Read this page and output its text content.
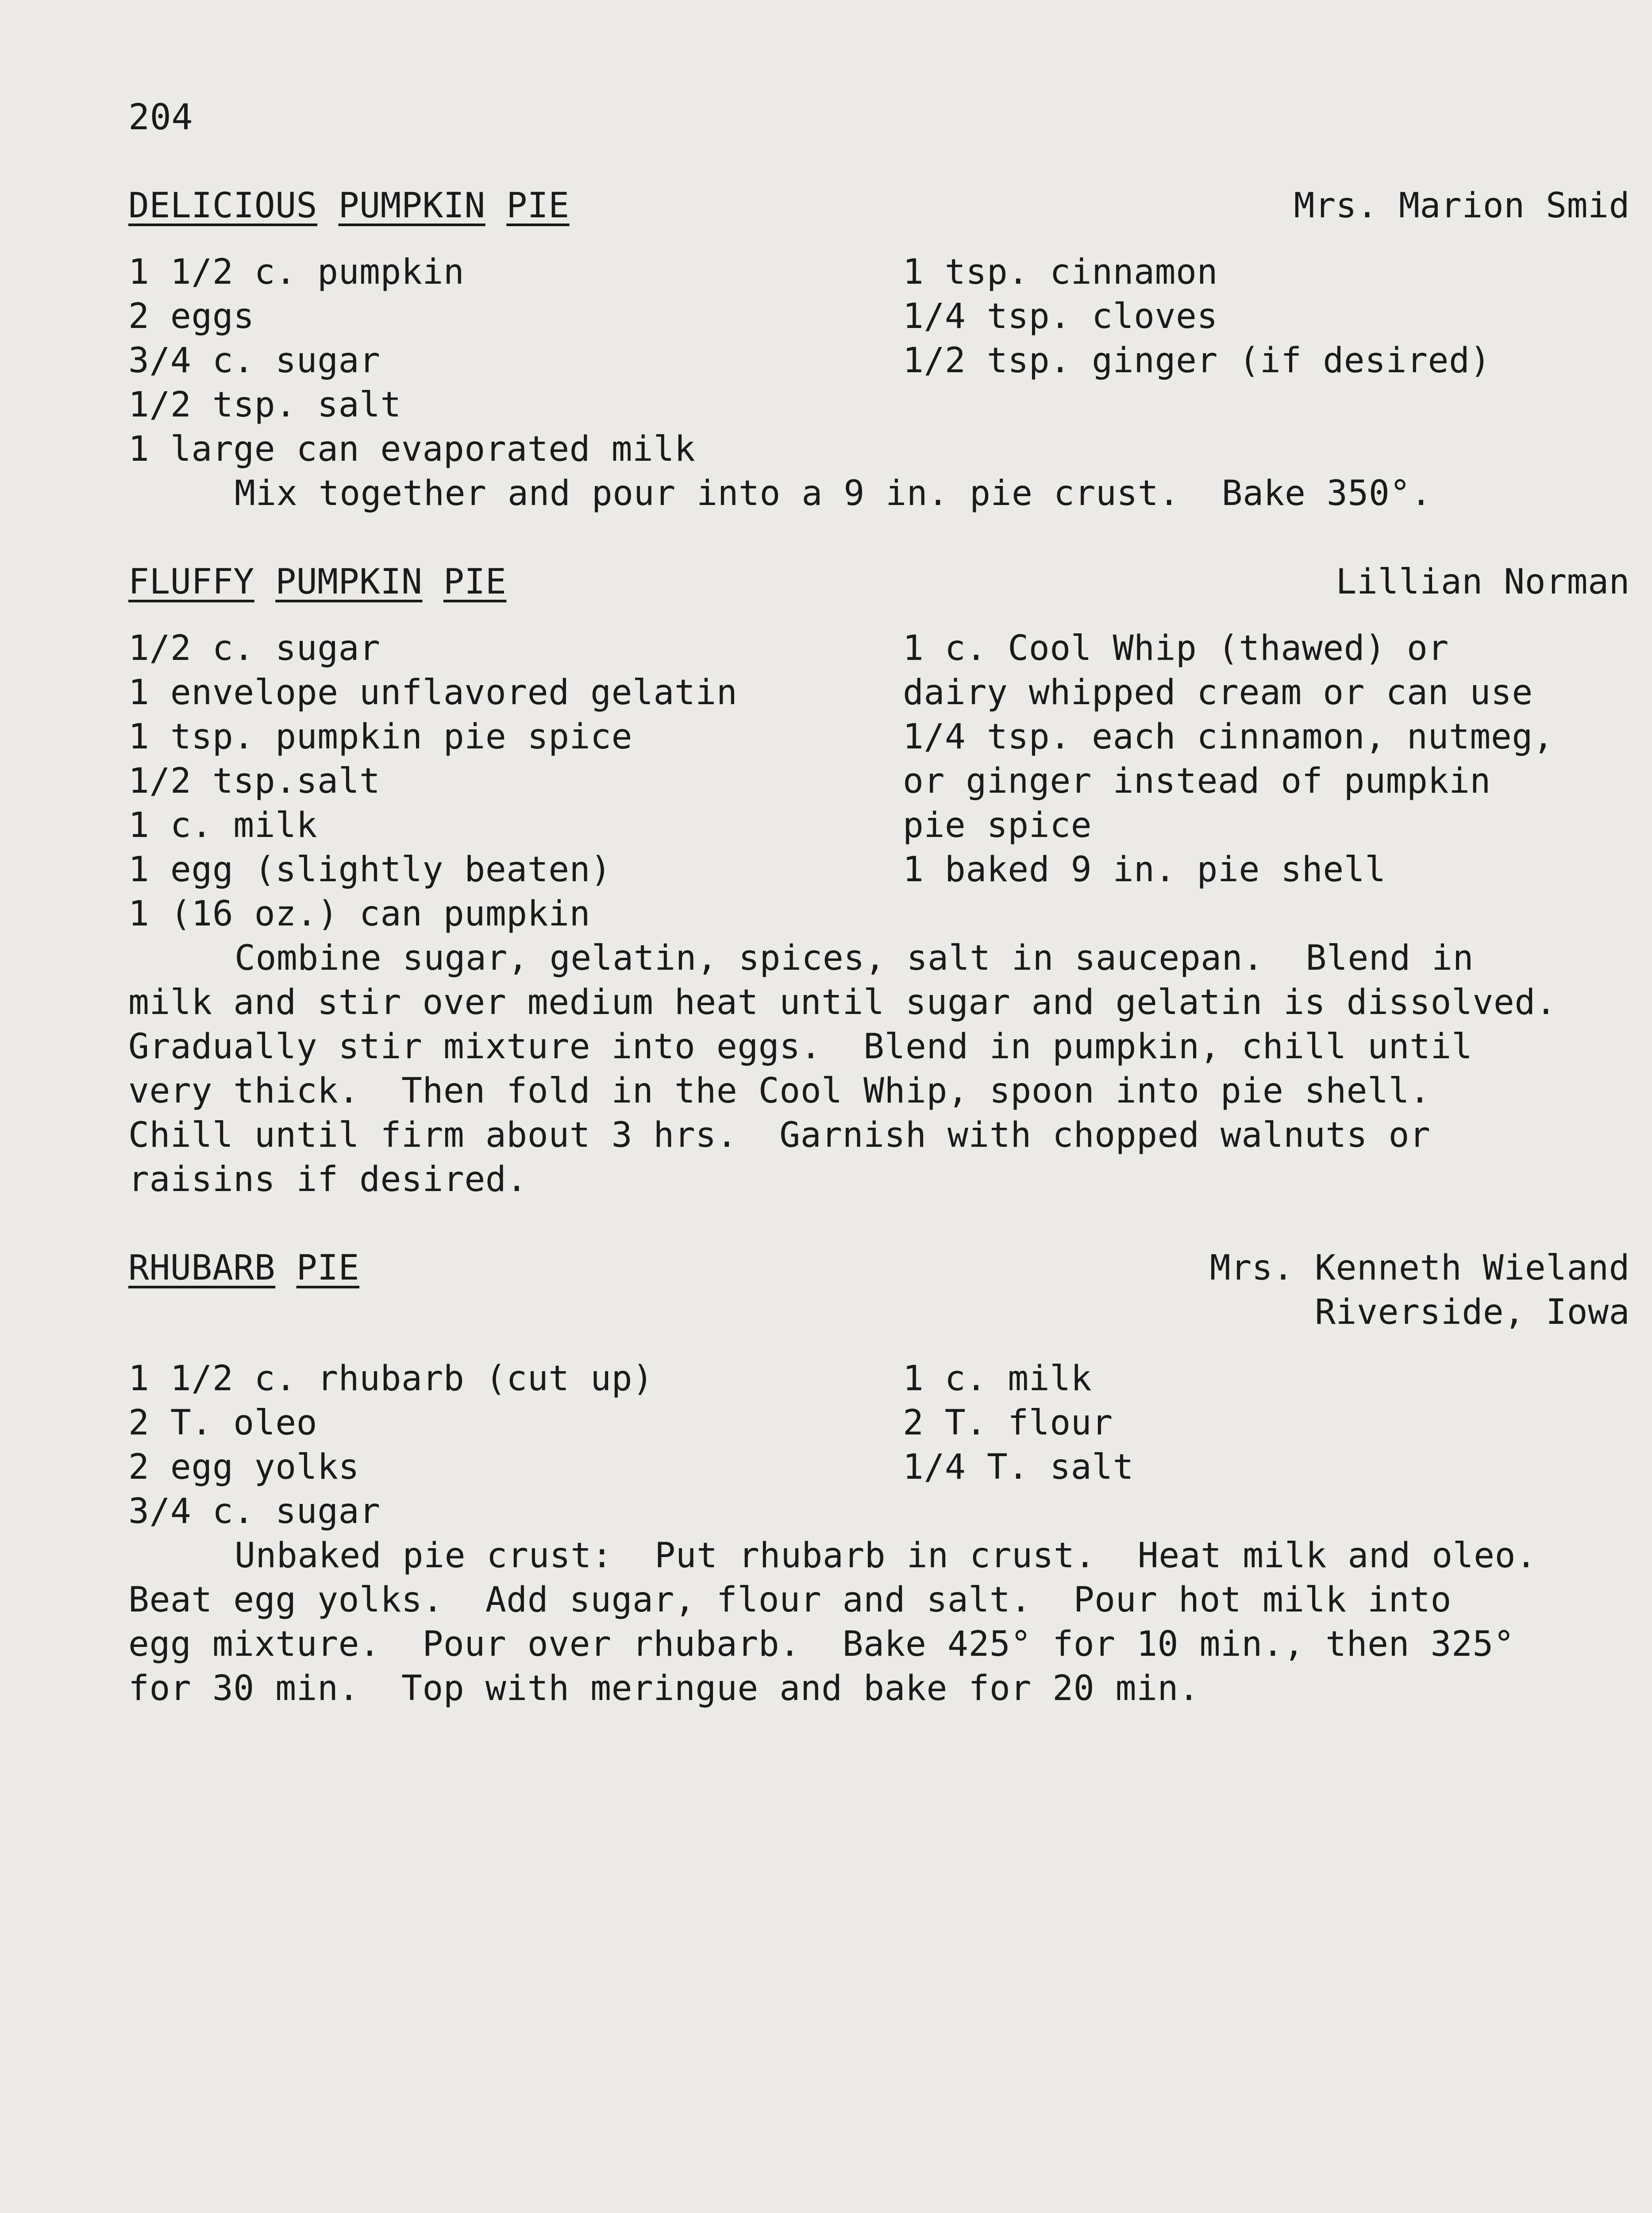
204
DELICIOUS PUMPKIN PIE	Mrs. Marion Smid
1 1/2 c. pumpkin
2 eggs
3/4 c. sugar
1/2 tsp. salt
1 large can evaporated milk
1 tsp. cinnamon
1/4 tsp. cloves
1/2 tsp. ginger (if desired)
Mix together and pour into a 9 in. pie crust.  Bake 350°.
FLUFFY PUMPKIN PIE	Lillian Norman
1/2 c. sugar
1 envelope unflavored gelatin
1 tsp. pumpkin pie spice
1/2 tsp.salt
1 c. milk
1 egg (slightly beaten)
1 (16 oz.) can pumpkin
1 c. Cool Whip (thawed) or
dairy whipped cream or can use
1/4 tsp. each cinnamon, nutmeg,
or ginger instead of pumpkin
pie spice
1 baked 9 in. pie shell
Combine sugar, gelatin, spices, salt in saucepan.  Blend in
milk and stir over medium heat until sugar and gelatin is dissolved.
Gradually stir mixture into eggs.  Blend in pumpkin, chill until
very thick.  Then fold in the Cool Whip, spoon into pie shell.
Chill until firm about 3 hrs.  Garnish with chopped walnuts or
raisins if desired.
RHUBARB PIE	Mrs. Kenneth Wieland
Riverside, Iowa
1 1/2 c. rhubarb (cut up)
2 T. oleo
2 egg yolks
3/4 c. sugar
1 c. milk
2 T. flour
1/4 T. salt
Unbaked pie crust:  Put rhubarb in crust.  Heat milk and oleo.
Beat egg yolks.  Add sugar, flour and salt.  Pour hot milk into
egg mixture.  Pour over rhubarb.  Bake 425° for 10 min., then 325°
for 30 min.  Top with meringue and bake for 20 min.
